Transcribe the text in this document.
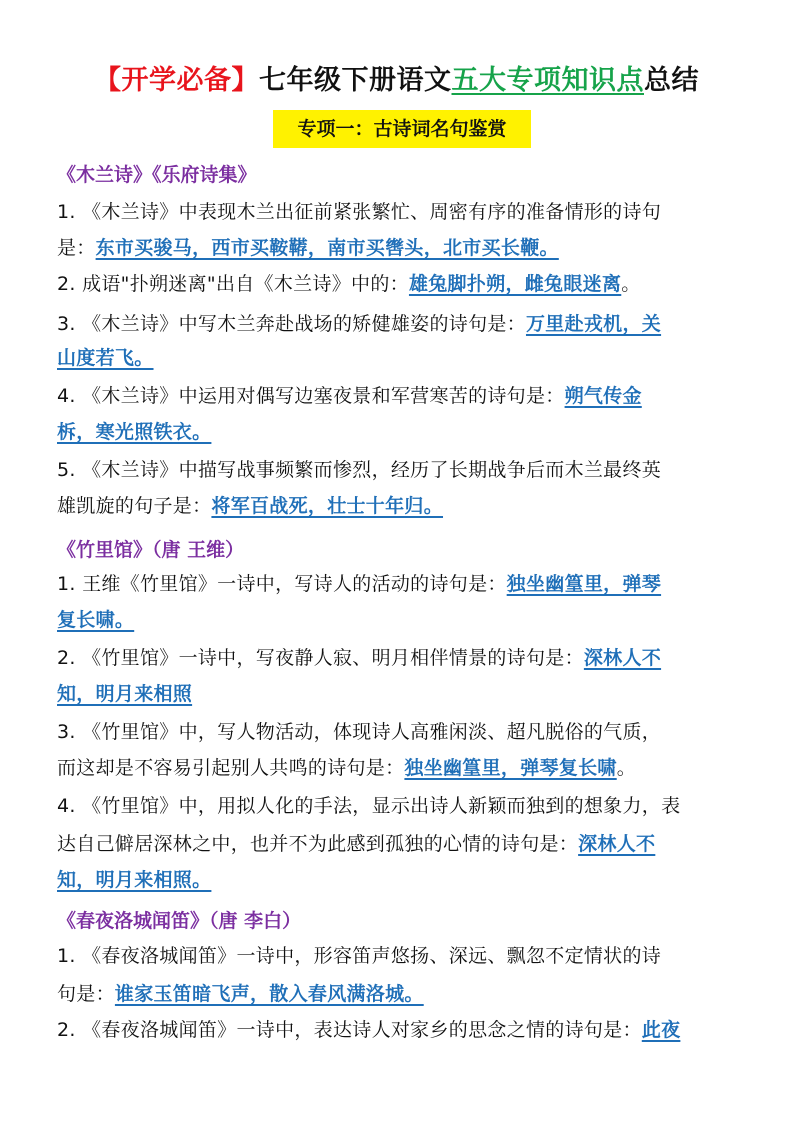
【开学必备】七年级下册语文五大专项知识点总结
专项一：古诗词名句鉴赏
《木兰诗》《乐府诗集》
1. 《木兰诗》中表现木兰出征前紧张繁忙、周密有序的准备情形的诗句
是：东市买骏马，西市买鞍鞯，南市买辔头，北市买长鞭。
2. 成语"扑朔迷离"出自《木兰诗》中的：雄兔脚扑朔，雌兔眼迷离。
3. 《木兰诗》中写木兰奔赴战场的矫健雄姿的诗句是：万里赴戎机，关
山度若飞。
4. 《木兰诗》中运用对偶写边塞夜景和军营寒苦的诗句是：朔气传金
柝，寒光照铁衣。
5. 《木兰诗》中描写战事频繁而惨烈，经历了长期战争后而木兰最终英
雄凯旋的句子是：将军百战死，壮士十年归。
《竹里馆》（唐 王维）
1. 王维《竹里馆》一诗中，写诗人的活动的诗句是：独坐幽篁里，弹琴
复长啸。
2. 《竹里馆》一诗中，写夜静人寂、明月相伴情景的诗句是：深林人不
知，明月来相照
3. 《竹里馆》中，写人物活动，体现诗人高雅闲淡、超凡脱俗的气质，
而这却是不容易引起别人共鸣的诗句是：独坐幽篁里，弹琴复长啸。
4. 《竹里馆》中，用拟人化的手法，显示出诗人新颖而独到的想象力，表
达自己僻居深林之中，也并不为此感到孤独的心情的诗句是：深林人不
知，明月来相照。
《春夜洛城闻笛》（唐 李白）
1. 《春夜洛城闻笛》一诗中，形容笛声悠扬、深远、飘忽不定情状的诗
句是：谁家玉笛暗飞声，散入春风满洛城。
2. 《春夜洛城闻笛》一诗中，表达诗人对家乡的思念之情的诗句是：此夜
